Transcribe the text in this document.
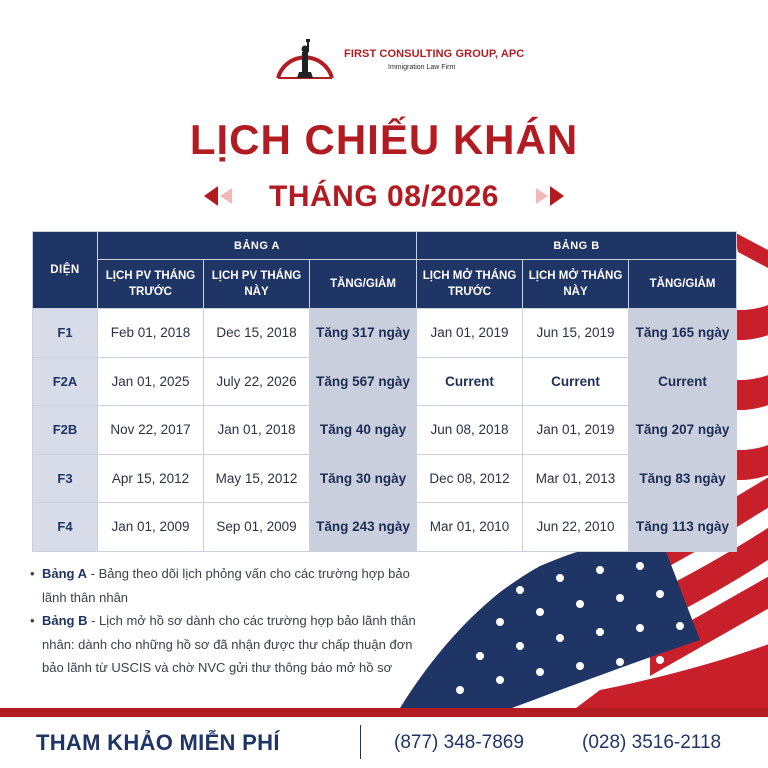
FIRST CONSULTING GROUP, APC
Immigration Law Firm
LỊCH CHIẾU KHÁN
THÁNG 08/2026
DIỆN	BẢNG A			BẢNG B		
	LỊCH PV THÁNG TRƯỚC	LỊCH PV THÁNG NÀY	TĂNG/GIẢM	LỊCH MỞ THÁNG TRƯỚC	LỊCH MỞ THÁNG NÀY	TĂNG/GIẢM
F1	Feb 01, 2018	Dec 15, 2018	Tăng 317 ngày	Jan 01, 2019	Jun 15, 2019	Tăng 165 ngày
F2A	Jan 01, 2025	July 22, 2026	Tăng 567 ngày	Current	Current	Current
F2B	Nov 22, 2017	Jan 01, 2018	Tăng 40 ngày	Jun 08, 2018	Jan 01, 2019	Tăng 207 ngày
F3	Apr 15, 2012	May 15, 2012	Tăng 30 ngày	Dec 08, 2012	Mar 01, 2013	Tăng 83 ngày
F4	Jan 01, 2009	Sep 01, 2009	Tăng 243 ngày	Mar 01, 2010	Jun 22, 2010	Tăng 113 ngày

• Bảng A - Bảng theo dõi lịch phỏng vấn cho các trường hợp bảo lãnh thân nhân

• Bảng B - Lịch mở hồ sơ dành cho các trường hợp bảo lãnh thân nhân: dành cho những hồ sơ đã nhận được thư chấp thuận đơn bảo lãnh từ USCIS và chờ NVC gửi thư thông báo mở hồ sơ

THAM KHẢO MIỄN PHÍ	(877) 348-7869	(028) 3516-2118
